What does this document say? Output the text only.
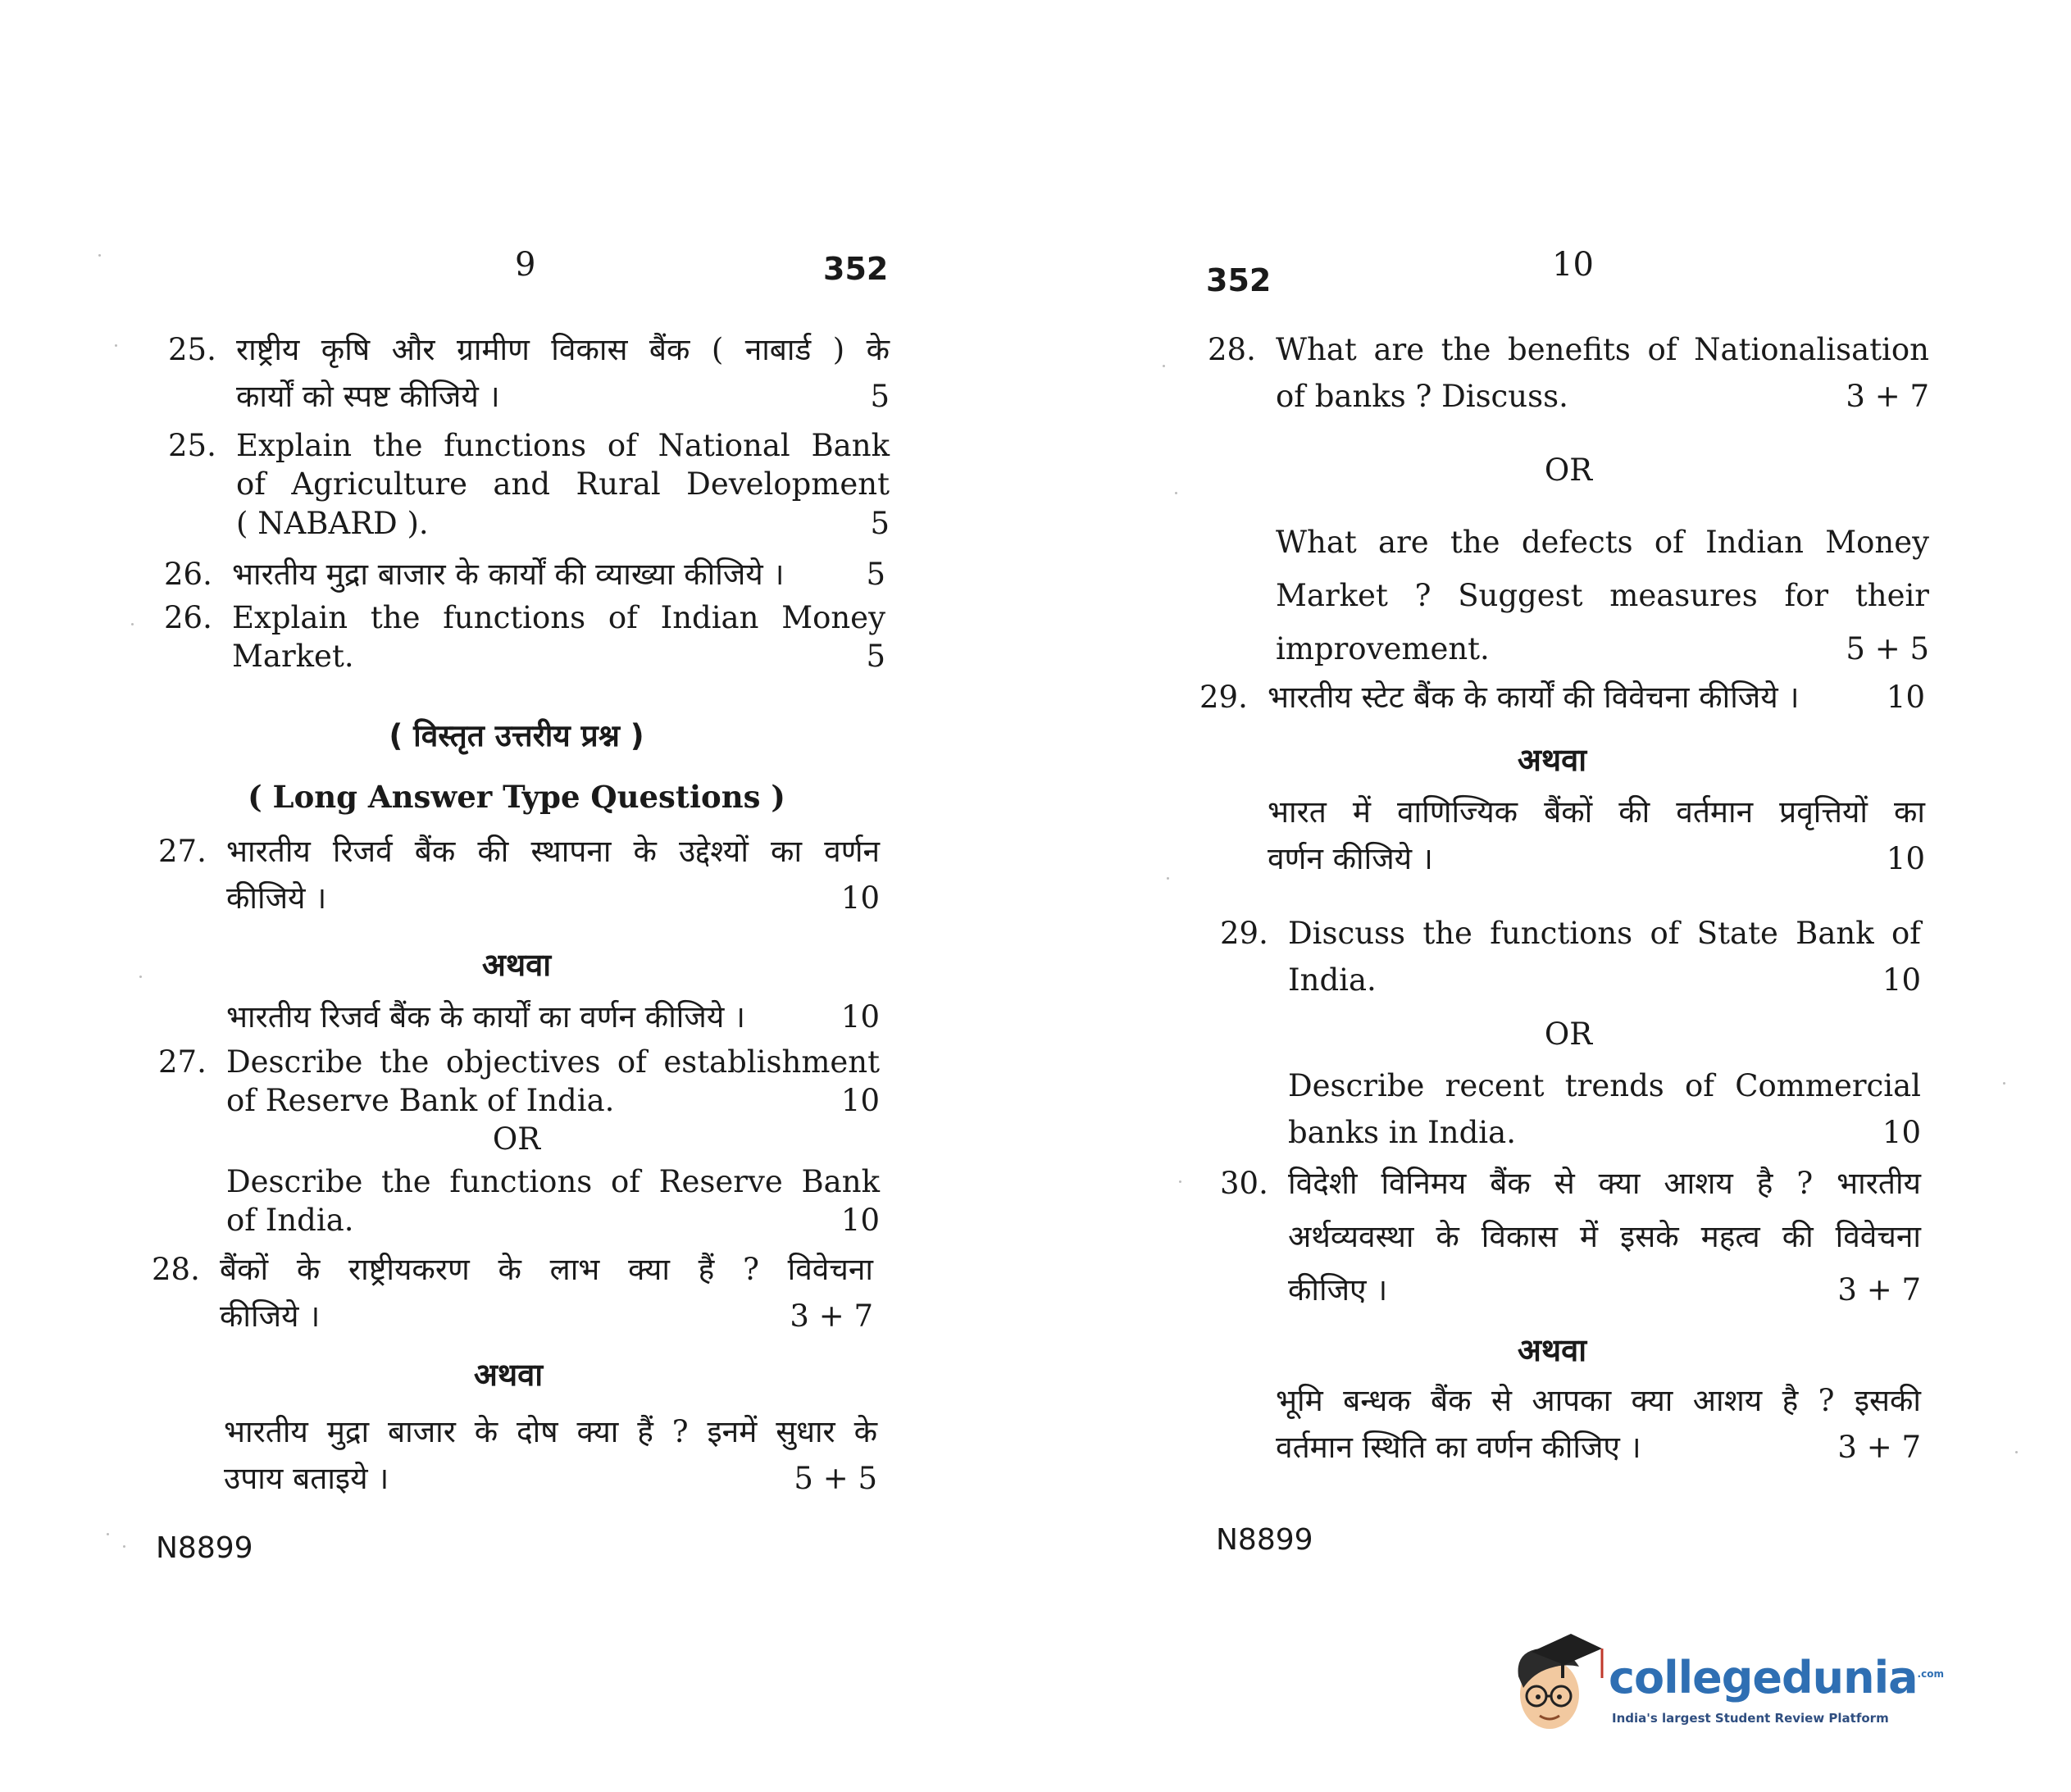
9	352
25. राष्ट्रीय कृषि और ग्रामीण विकास बैंक ( नाबार्ड ) के
कार्यों को स्पष्ट कीजिये ।	5
25. Explain the functions of National Bank
of Agriculture and Rural Development
( NABARD ).	5
26. भारतीय मुद्रा बाजार के कार्यों की व्याख्या कीजिये ।	5
26. Explain the functions of Indian Money
Market.	5
( विस्तृत उत्तरीय प्रश्न )
( Long Answer Type Questions )
27. भारतीय रिजर्व बैंक की स्थापना के उद्देश्यों का वर्णन
कीजिये ।	10
अथवा
भारतीय रिजर्व बैंक के कार्यों का वर्णन कीजिये ।	10
27. Describe the objectives of establishment
of Reserve Bank of India.	10
OR
Describe the functions of Reserve Bank
of India.	10
28. बैंकों के राष्ट्रीयकरण के लाभ क्या हैं ? विवेचना
कीजिये ।	3 + 7
अथवा
भारतीय मुद्रा बाजार के दोष क्या हैं ? इनमें सुधार के
उपाय बताइये ।	5 + 5
N8899
352	10
28. What are the benefits of Nationalisation
of banks ? Discuss.	3 + 7
OR
What are the defects of Indian Money
Market ? Suggest measures for their
improvement.	5 + 5
29. भारतीय स्टेट बैंक के कार्यों की विवेचना कीजिये ।	10
अथवा
भारत में वाणिज्यिक बैंकों की वर्तमान प्रवृत्तियों का
वर्णन कीजिये ।	10
29. Discuss the functions of State Bank of
India.	10
OR
Describe recent trends of Commercial
banks in India.	10
30. विदेशी विनिमय बैंक से क्या आशय है ? भारतीय
अर्थव्यवस्था के विकास में इसके महत्व की विवेचना
कीजिए ।	3 + 7
अथवा
भूमि बन्धक बैंक से आपका क्या आशय है ? इसकी
वर्तमान स्थिति का वर्णन कीजिए ।	3 + 7
N8899
collegedunia$^{.com}$
India's largest Student Review Platform
